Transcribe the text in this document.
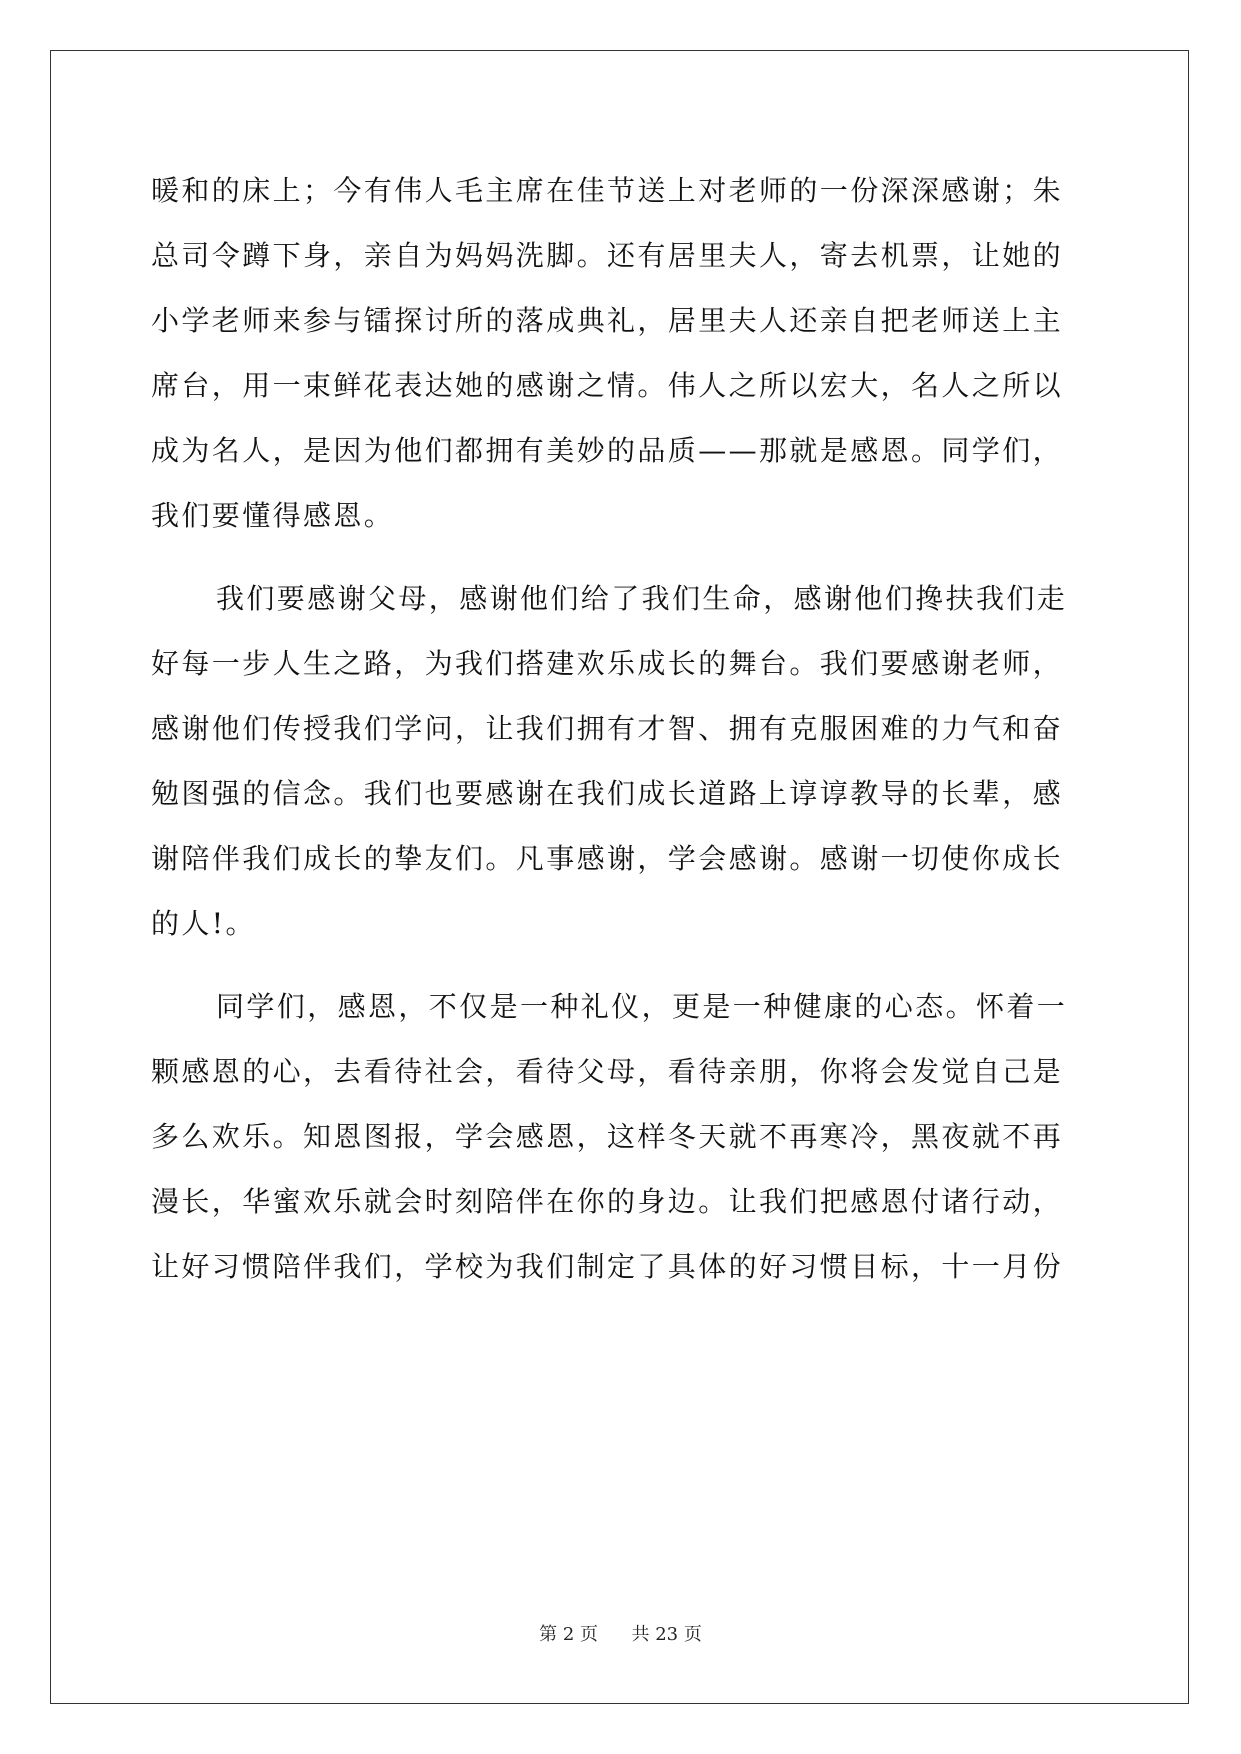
暖和的床上；今有伟人毛主席在佳节送上对老师的一份深深感谢；朱
总司令蹲下身，亲自为妈妈洗脚。还有居里夫人，寄去机票，让她的
小学老师来参与镭探讨所的落成典礼，居里夫人还亲自把老师送上主
席台，用一束鲜花表达她的感谢之情。伟人之所以宏大，名人之所以
成为名人，是因为他们都拥有美妙的品质——那就是感恩。同学们，
我们要懂得感恩。
我们要感谢父母，感谢他们给了我们生命，感谢他们搀扶我们走
好每一步人生之路，为我们搭建欢乐成长的舞台。我们要感谢老师，
感谢他们传授我们学问，让我们拥有才智、拥有克服困难的力气和奋
勉图强的信念。我们也要感谢在我们成长道路上谆谆教导的长辈，感
谢陪伴我们成长的挚友们。凡事感谢，学会感谢。感谢一切使你成长
的人!。
同学们，感恩，不仅是一种礼仪，更是一种健康的心态。怀着一
颗感恩的心，去看待社会，看待父母，看待亲朋，你将会发觉自己是
多么欢乐。知恩图报，学会感恩，这样冬天就不再寒冷，黑夜就不再
漫长，华蜜欢乐就会时刻陪伴在你的身边。让我们把感恩付诸行动，
让好习惯陪伴我们，学校为我们制定了具体的好习惯目标，十一月份
第 2 页 共 23 页
